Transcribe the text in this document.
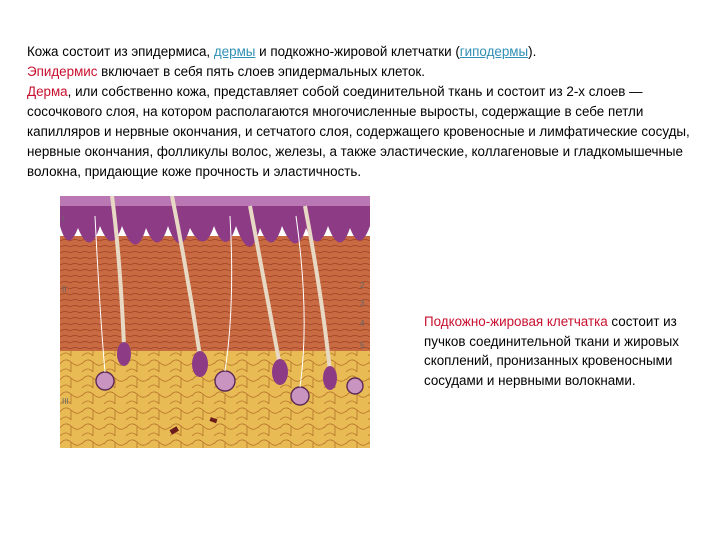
Кожа состоит из эпидермиса, дермы и подкожно-жировой клетчатки (гиподермы).
Эпидермис включает в себя пять слоев эпидермальных клеток.
Дерма, или собственно кожа, представляет собой соединительной ткань и состоит из 2-х слоев — сосочкового слоя, на котором располагаются многочисленные выросты, содержащие в себе петли капилляров и нервные окончания, и сетчатого слоя, содержащего кровеносные и лимфатические сосуды, нервные окончания, фолликулы волос, железы, а также эластические, коллагеновые и гладкомышечные волокна, придающие коже прочность и эластичность.

I
II
III
2
3
4
5

Подкожно-жировая клетчатка состоит из пучков соединительной ткани и жировых скоплений, пронизанных кровеносными сосудами и нервными волокнами.
